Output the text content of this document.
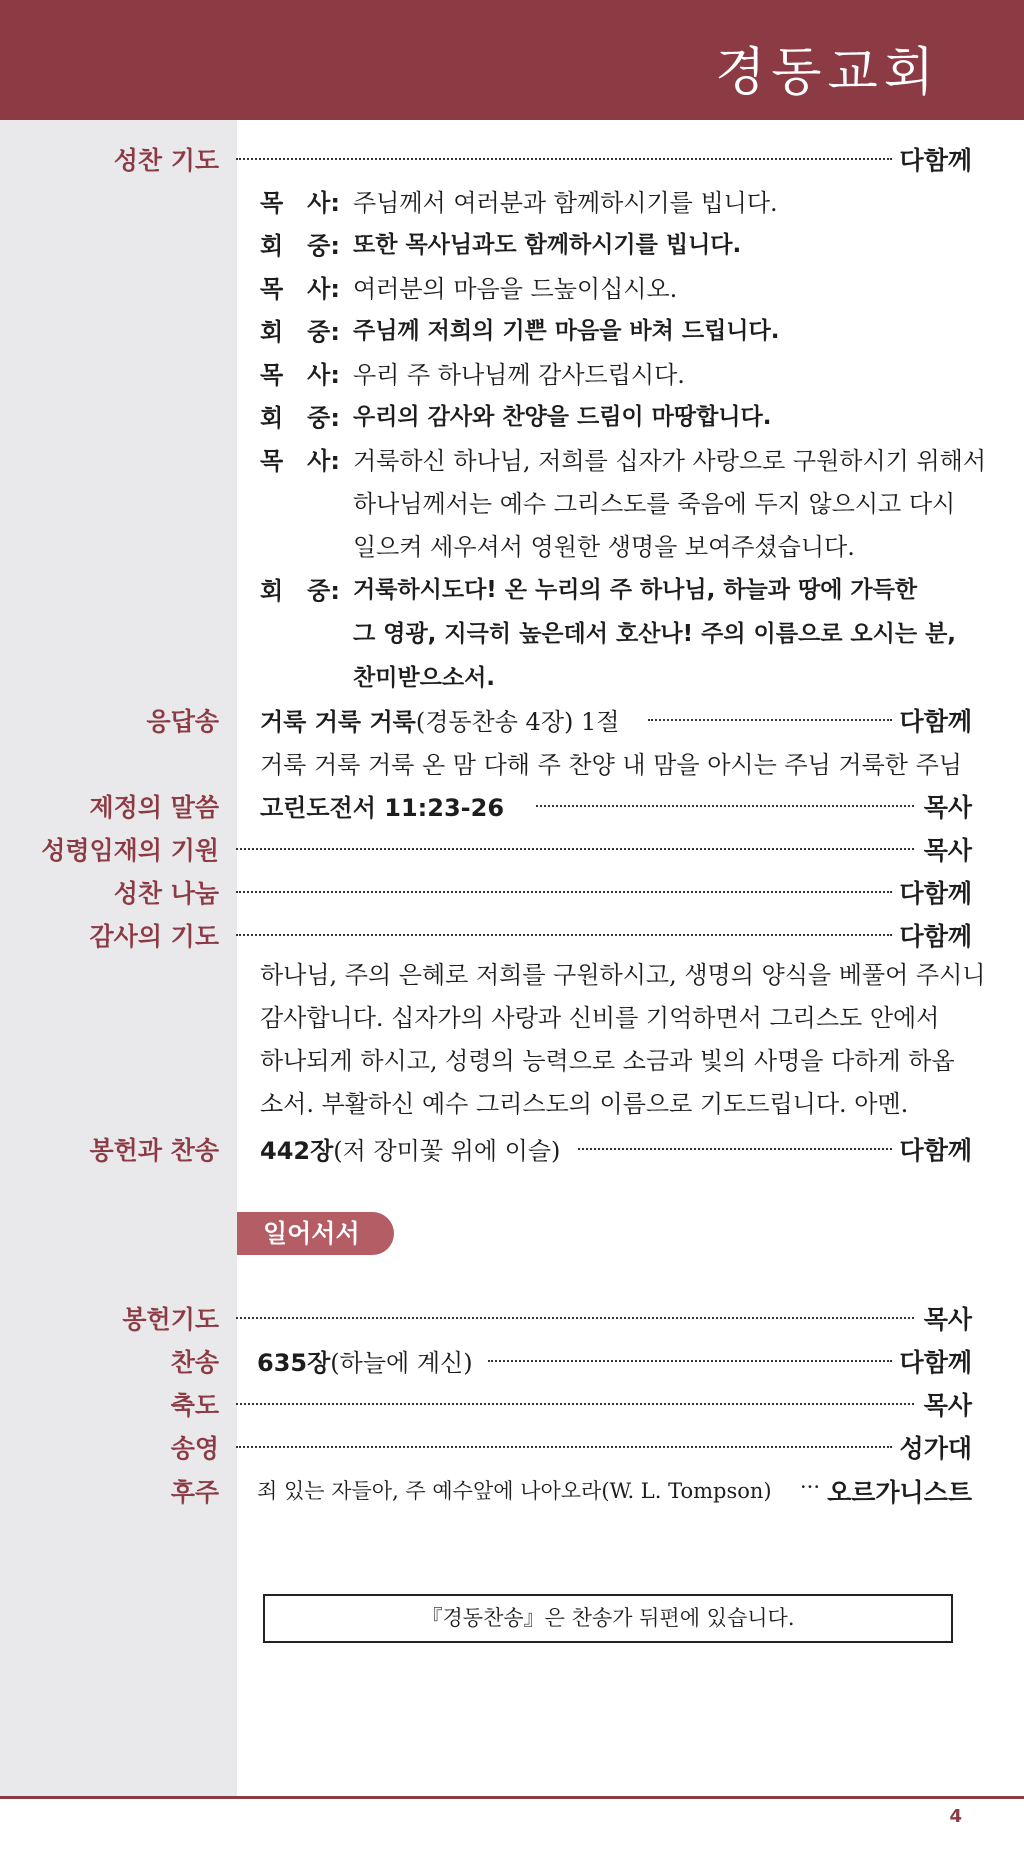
경동교회
성찬 기도	다함께
목　사: 주님께서 여러분과 함께하시기를 빕니다.
회　중: 또한 목사님과도 함께하시기를 빕니다.
목　사: 여러분의 마음을 드높이십시오.
회　중: 주님께 저희의 기쁜 마음을 바쳐 드립니다.
목　사: 우리 주 하나님께 감사드립시다.
회　중: 우리의 감사와 찬양을 드림이 마땅합니다.
목　사: 거룩하신 하나님, 저희를 십자가 사랑으로 구원하시기 위해서
하나님께서는 예수 그리스도를 죽음에 두지 않으시고 다시
일으켜 세우셔서 영원한 생명을 보여주셨습니다.
회　중: 거룩하시도다! 온 누리의 주 하나님, 하늘과 땅에 가득한
그 영광, 지극히 높은데서 호산나! 주의 이름으로 오시는 분,
찬미받으소서.
응답송 거룩 거룩 거룩(경동찬송 4장) 1절	다함께
거룩 거룩 거룩 온 맘 다해 주 찬양 내 맘을 아시는 주님 거룩한 주님
제정의 말씀 고린도전서 11:23-26	목사
성령임재의 기원	목사
성찬 나눔	다함께
감사의 기도	다함께
하나님, 주의 은혜로 저희를 구원하시고, 생명의 양식을 베풀어 주시니
감사합니다. 십자가의 사랑과 신비를 기억하면서 그리스도 안에서
하나되게 하시고, 성령의 능력으로 소금과 빛의 사명을 다하게 하옵
소서. 부활하신 예수 그리스도의 이름으로 기도드립니다. 아멘.
봉헌과 찬송 442장(저 장미꽃 위에 이슬)	다함께
일어서서
봉헌기도	목사
찬송 635장(하늘에 계신)	다함께
축도	목사
송영	성가대
후주 죄 있는 자들아, 주 예수앞에 나아오라(W. L. Tompson) ··· 오르가니스트
『경동찬송』은 찬송가 뒤편에 있습니다.
4
